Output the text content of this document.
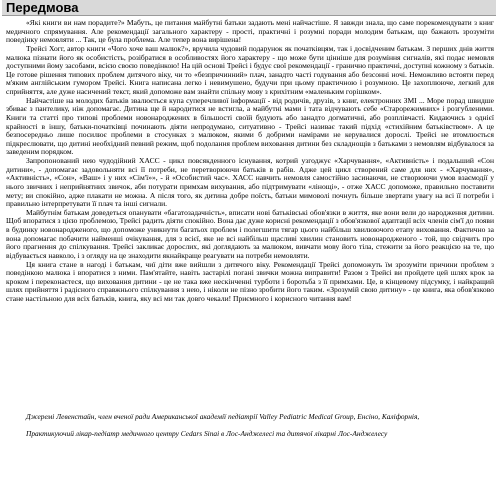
Передмова

«Які книги ви нам порадите?» Мабуть, це питання майбутні батьки задають мені найчастіше. Я завжди знала, що саме порекомендувати з книг медичного спрямування. Але рекомендації загального характеру - прості, практичні і розумні поради молодим батькам, що бажають зрозуміти поведінку немовляти ... Так, це була проблема. Але тепер вона вирішена!

Трейсі Хогг, автор книги «Чого хоче ваш малюк?», вручила чудовий подарунок як початківцям, так і досвідченим батькам. З перших днів життя малюка пізнати його як особистість, розібратися в особливостях його характеру - що може бути цінніше для розуміння сигналів, які подає немовля доступними йому засобами, всією своєю поведінкою! На цій основі Трейсі і будує свої рекомендації - гранично практичні, доступні кожному з батьків. Це готове рішення типових проблем дитячого віку, чи то «безпричинний» плач, занадто часті годування або безсонні ночі. Неможливо встояти перед м'яким англійським гумором Трейсі. Книга написана легко і невимушено, будучи при цьому практичною і розумною. Це захоплююче, легкий для сприйняття, але дуже насичений текст, який допоможе вам знайти спільну мову з крихітним «маленьким горішком».

Найчастіше на молодих батьків звалюється купа суперечливої інформації - від родичів, друзів, з книг, електронних ЗМІ ... Море порад швидше збиває з пантелику, ніж допомагає. Дитина ще й народитися не встигла, а майбутні мами і тата відчувають себе «Старорежимних» і розгубленими. Книги та статті про типові проблеми новонароджених в більшості своїй будують або занадто догматичні, або розплівчасті. Кидаючись з однієї крайності в іншу, батьки-початківці починають діяти непродумано, ситуативно - Трейсі називає такий підхід «стихійним батьківством». А це безпосередньо лише посилює проблеми в стосунках з малюком, якими б добрими намірами не керувалися дорослі. Трейсі не втомлюється підкреслювати, що дитині необхідний певний режим, щоб подолання проблем виховання дитини без складнощів з батьками з немовлям відбувалося за заведеним порядком.

Запропонований нею чудодійний ХАСС - цикл повсякденного існування, котрий узгоджує «Харчування», «Активність» і подальший «Сон дитини», - допомагає задовольняти всі її потреби, не перетворюючи батьків в рабів. Адже цей цикл створений саме для них - «Харчування», «Активність», «Сон», «Ваш» і у них «Сім'ї»», - й «Особистий час». ХАСС навчить немовля самостійно засинаючи, не створюючи умов взаємодії у нього звичних і неприйнятних звичок, аби потурати примхам вихування, або підтримувати «лінощі», - отже ХАСС допоможе, правильно поставити мету; ви спокійно, адже плакати не можна. А після того, як дитина добре поїсть, батьки мимоволі почнуть більше звертати увагу на всі її потреби і правильно інтерпретувати її плач та інші сигнали.

Майбутнім батькам доведеться опанувати «багатозадачність», вписати нові батьківські обов'язки в життя, яке вони вели до народження дитини. Щоб впоратися з цією проблемою, Трейсі радить діяти спокійно. Вона дає дуже корисні рекомендації з обов'язкової адаптації всіх членів сім'ї до появи в будинку новонародженого, що допоможе уникнути багатьох проблем і полегшити тягар цього найбільш хвилюючого етапу виховання. Фактично за вона допомагає побачити найменші очікування, для з всієї, яке не всі найбільш щасливі хвилин становить новонародженого - той, що свідчить про його прагнення до спілкування. Трейсі закликає дорослих, які доглядають за малюком, вивчати мову його тіла, стежити за його реакцією на те, що відбувається навколо, і з огляду на це знаходити якнайкраще реагувати на потреби немовляти.

Ця книга стане в нагоді і батькам, чиї діти вже вийшли з дитячого віку. Рекомендації Трейсі допоможуть їм зрозуміти причини проблем з поведінкою малюка і впоратися з ними. Пам'ятайте, навіть застарілі погані звички можна виправити! Разом з Трейсі ви пройдете цей шлях крок за кроком і переконаєтеся, що виховання дитини - це не така вже нескінченні турботи і боротьба з її примхами. Це, в кінцевому підсумку, і найкращий шлях прийняття і радісного справжнього спілкування з нею, і ніколи не пізно зробити його таким. «Зрозумій свою дитину» - це книга, яка обов'язково стане настільною для всіх батьків, книга, яку всі ми так довго чекали! Приємного і корисного читання вам!

Джеремі Левенстайн, член вченої ради Американської академії педіатрії Valley Pediatric Medical Group, Енсіно, Каліфорнія,

Практикуючий лікар-педіатр медичного центру Cedars Sinai в Лос-Анджелесі та дитячої лікарні Лос-Анджелесу
